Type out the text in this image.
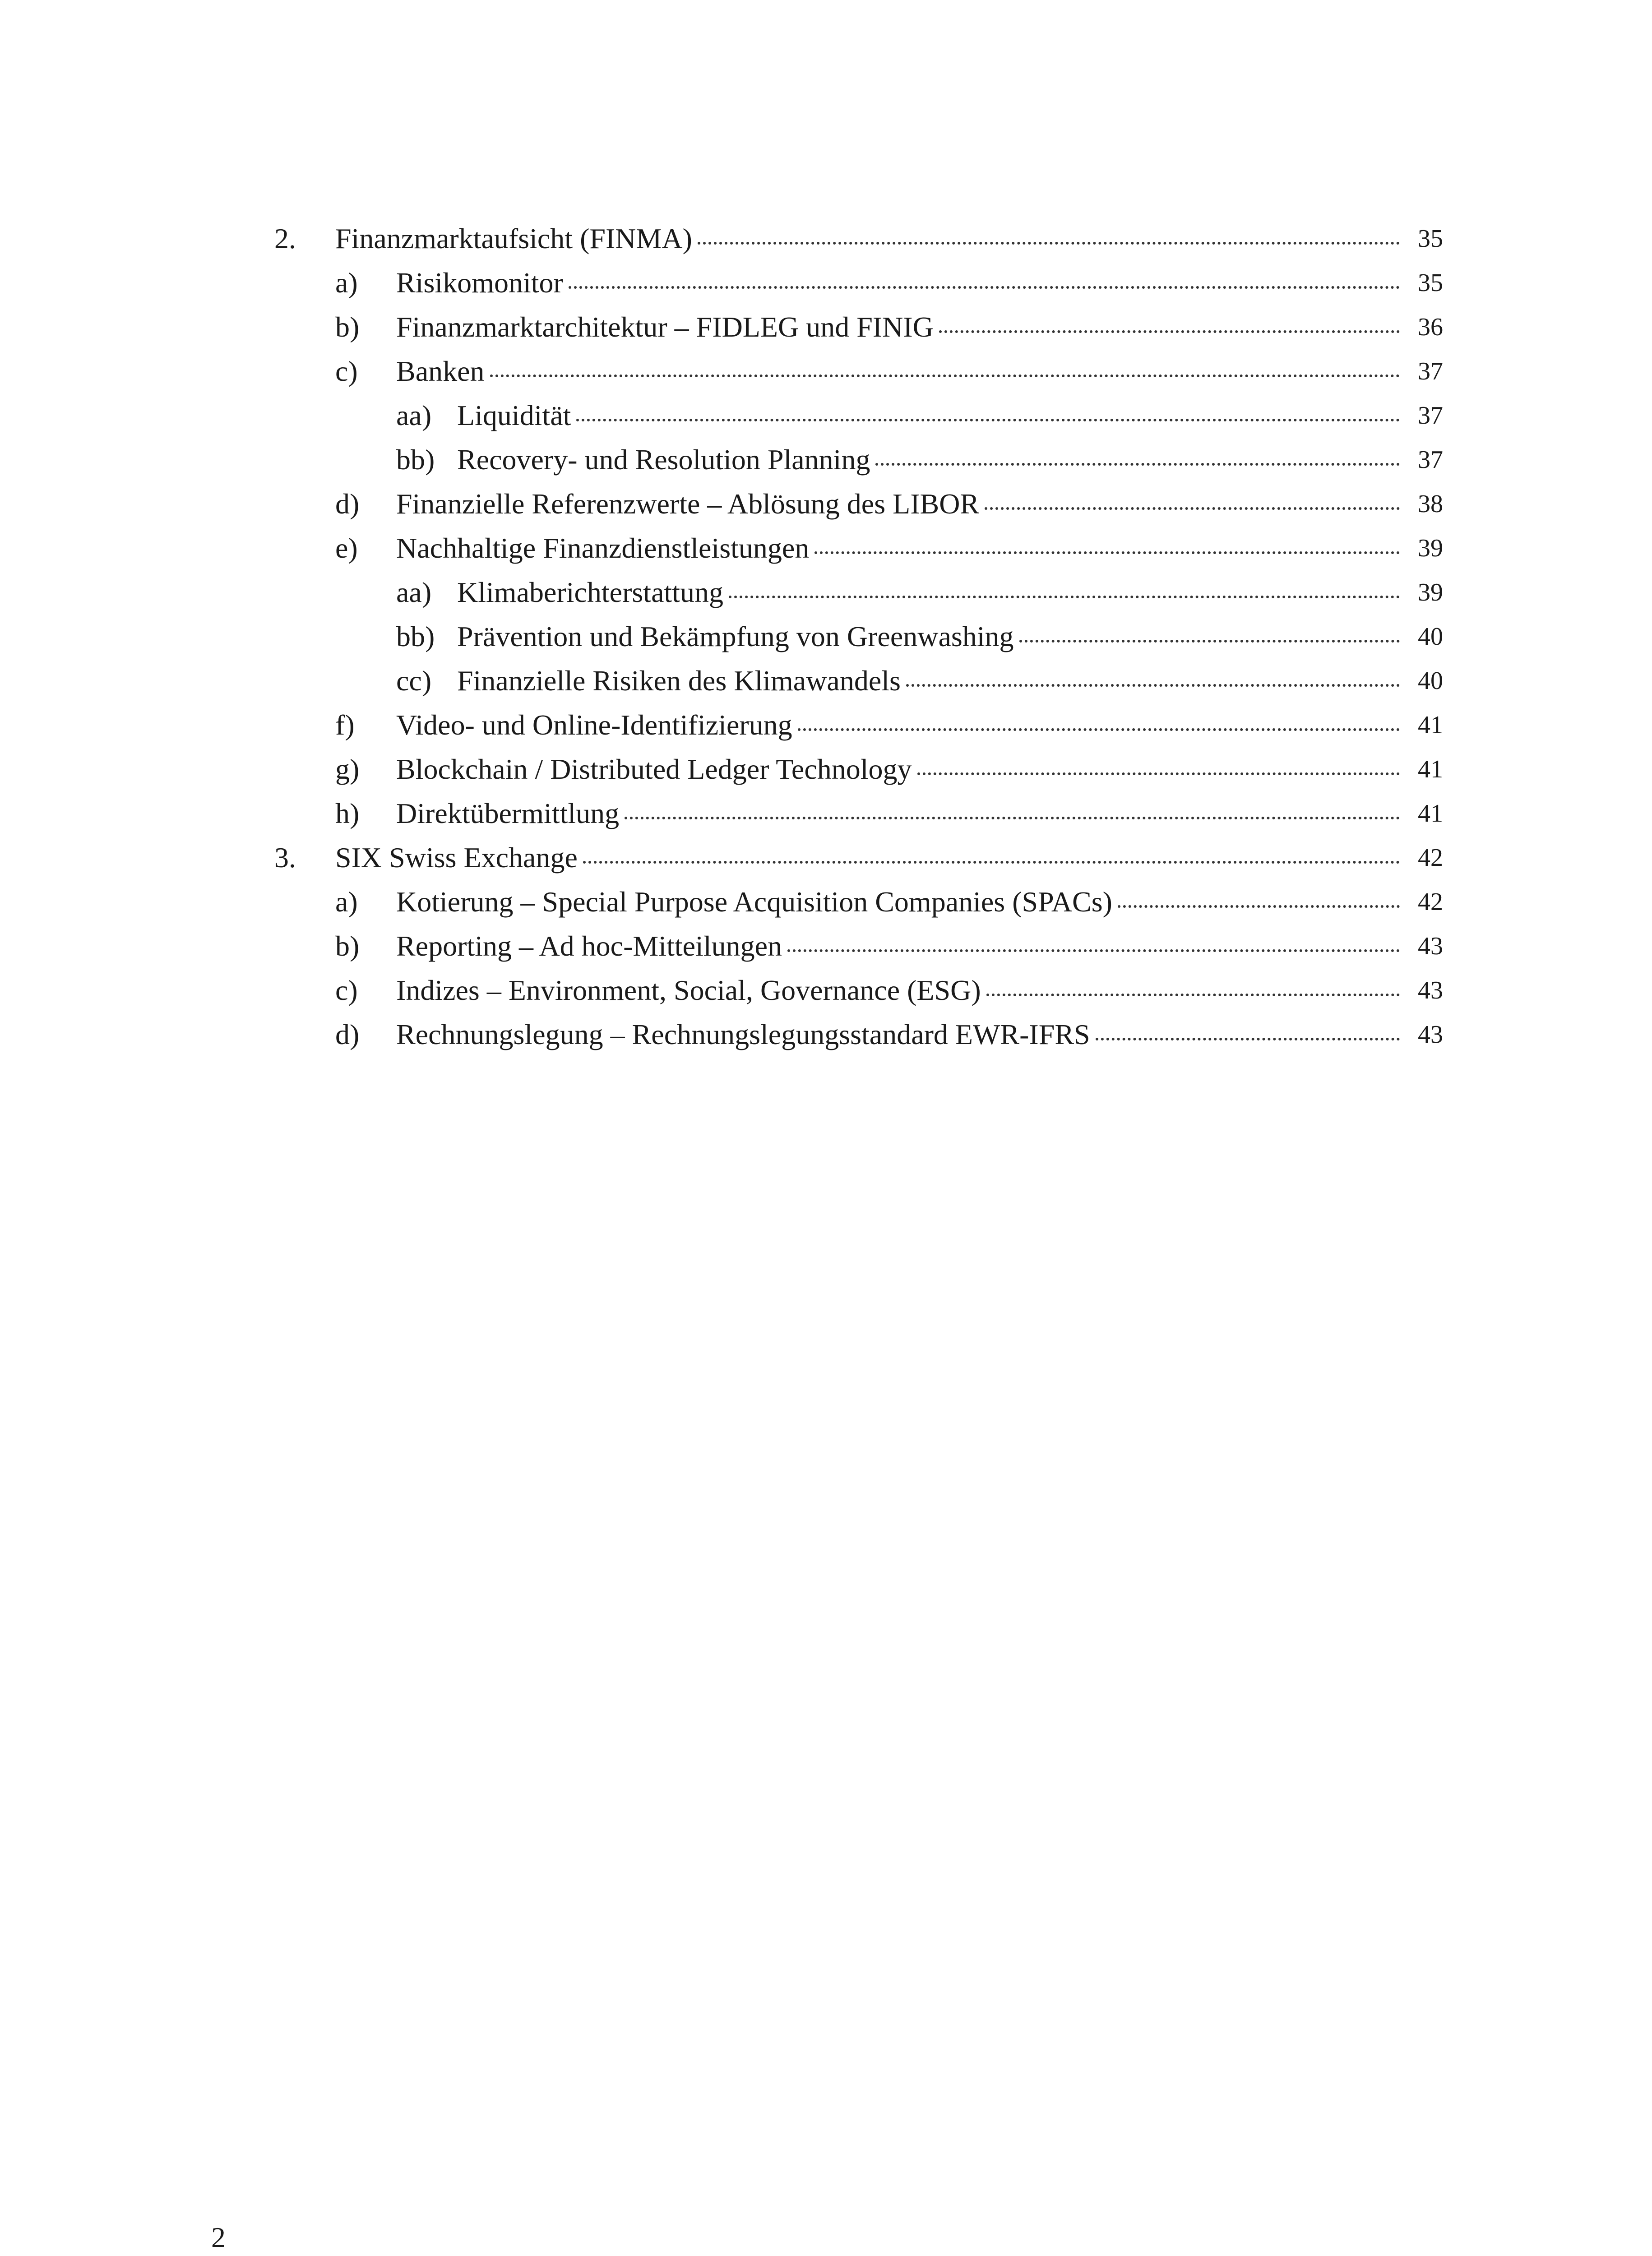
2. Finanzmarktaufsicht (FINMA)	35
a) Risikomonitor	35
b) Finanzmarktarchitektur – FIDLEG und FINIG	36
c) Banken	37
aa) Liquidität	37
bb) Recovery- und Resolution Planning	37
d) Finanzielle Referenzwerte – Ablösung des LIBOR	38
e) Nachhaltige Finanzdienstleistungen	39
aa) Klimaberichterstattung	39
bb) Prävention und Bekämpfung von Greenwashing	40
cc) Finanzielle Risiken des Klimawandels	40
f) Video- und Online-Identifizierung	41
g) Blockchain / Distributed Ledger Technology	41
h) Direktübermittlung	41
3. SIX Swiss Exchange	42
a) Kotierung – Special Purpose Acquisition Companies (SPACs)	42
b) Reporting – Ad hoc-Mitteilungen	43
c) Indizes – Environment, Social, Governance (ESG)	43
d) Rechnungslegung – Rechnungslegungsstandard EWR-IFRS	43
2
